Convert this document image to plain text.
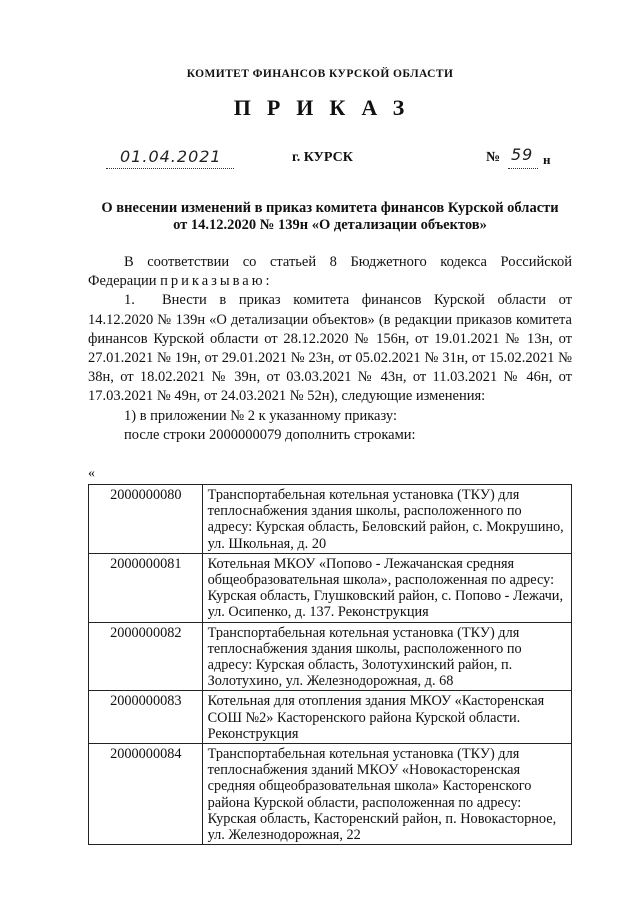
КОМИТЕТ ФИНАНСОВ КУРСКОЙ ОБЛАСТИ
ПРИКАЗ
01.04.2021	г. КУРСК	№ 59 н
О внесении изменений в приказ комитета финансов Курской области
от 14.12.2020 № 139н «О детализации объектов»

В соответствии со статьей 8 Бюджетного кодекса Российской Федерации приказываю:

1. Внести в приказ комитета финансов Курской области от 14.12.2020 № 139н «О детализации объектов» (в редакции приказов комитета финансов Курской области от 28.12.2020 № 156н, от 19.01.2021 № 13н, от 27.01.2021 № 19н, от 29.01.2021 № 23н, от 05.02.2021 № 31н, от 15.02.2021 № 38н, от 18.02.2021 № 39н, от 03.03.2021 № 43н, от 11.03.2021 № 46н, от 17.03.2021 № 49н, от 24.03.2021 № 52н), следующие изменения:

1) в приложении № 2 к указанному приказу:

после строки 2000000079 дополнить строками:

«
2000000080	Транспортабельная котельная установка (ТКУ) для теплоснабжения здания школы, расположенного по адресу: Курская область, Беловский район, с. Мокрушино, ул. Школьная, д. 20
2000000081	Котельная МКОУ «Попово - Лежачанская средняя общеобразовательная школа», расположенная по адресу: Курская область, Глушковский район, с. Попово - Лежачи, ул. Осипенко, д. 137. Реконструкция
2000000082	Транспортабельная котельная установка (ТКУ) для теплоснабжения здания школы, расположенного по адресу: Курская область, Золотухинский район, п. Золотухино, ул. Железнодорожная, д. 68
2000000083	Котельная для отопления здания МКОУ «Касторенская СОШ №2» Касторенского района Курской области. Реконструкция
2000000084	Транспортабельная котельная установка (ТКУ) для теплоснабжения зданий МКОУ «Новокасторенская средняя общеобразовательная школа» Касторенского района Курской области, расположенная по адресу: Курская область, Касторенский район, п. Новокасторное, ул. Железнодорожная, 22
